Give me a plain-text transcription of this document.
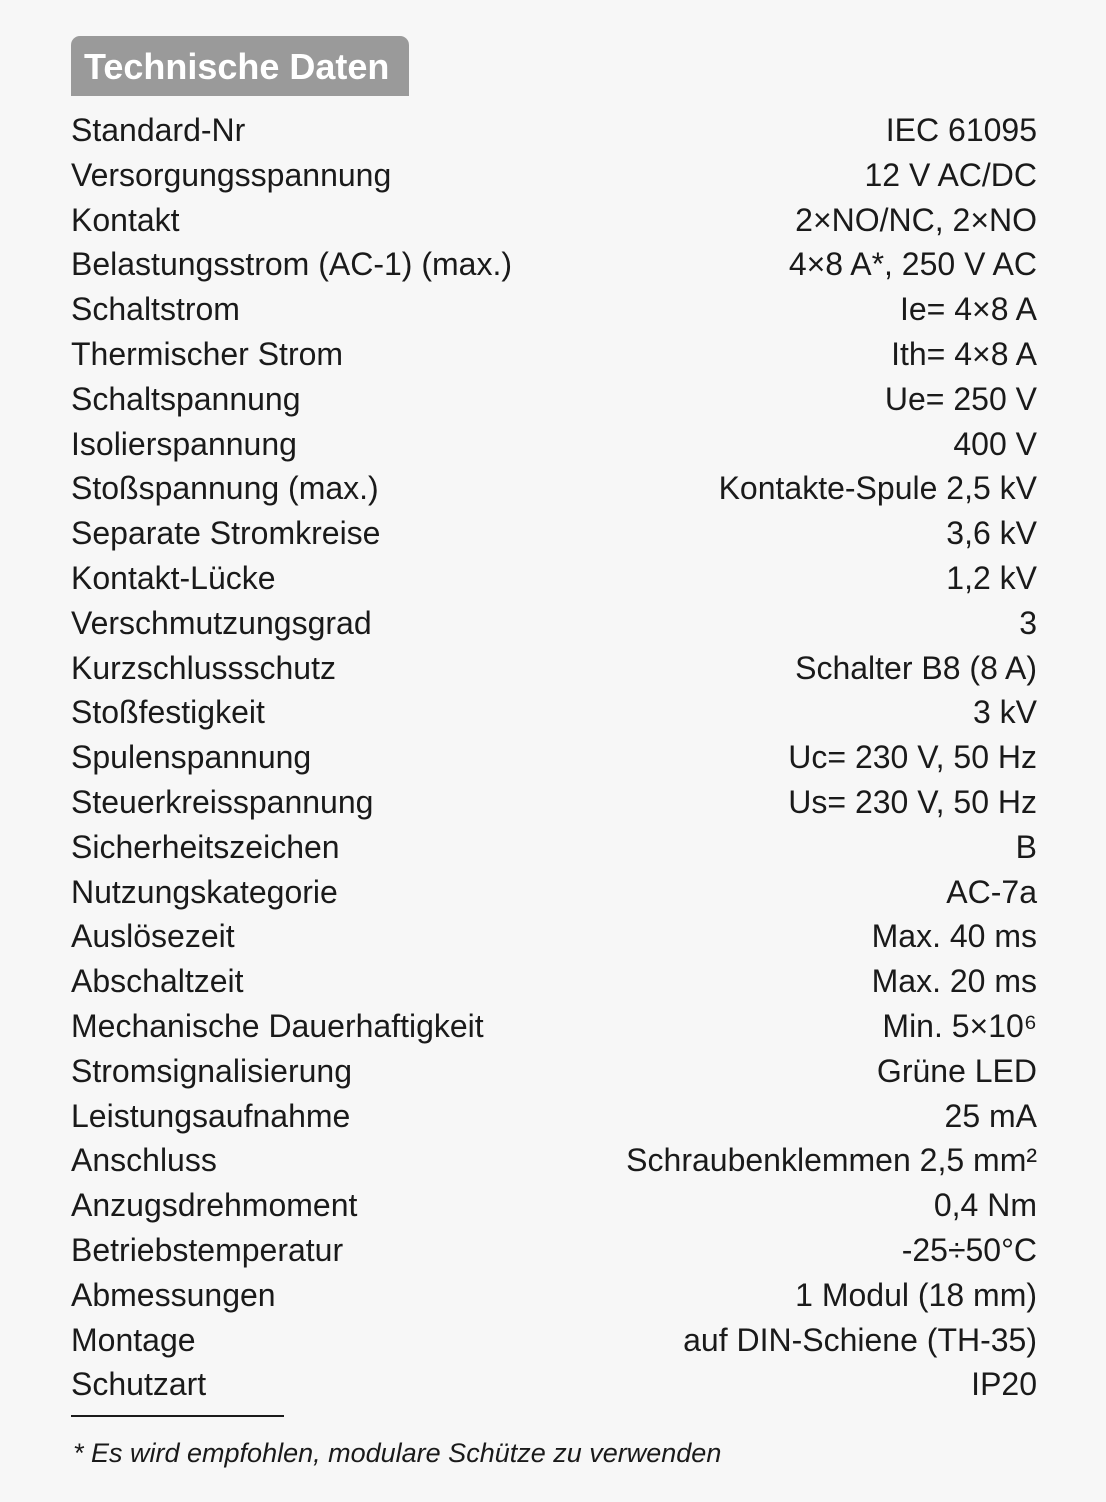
Technische Daten
Standard-Nr	IEC 61095
Versorgungsspannung	12 V AC/DC
Kontakt	2×NO/NC, 2×NO
Belastungsstrom (AC-1) (max.)	4×8 A*, 250 V AC
Schaltstrom	Ie= 4×8 A
Thermischer Strom	Ith= 4×8 A
Schaltspannung	Ue= 250 V
Isolierspannung	400 V
Stoßspannung (max.)	Kontakte-Spule 2,5 kV
Separate Stromkreise	3,6 kV
Kontakt-Lücke	1,2 kV
Verschmutzungsgrad	3
Kurzschlussschutz	Schalter B8 (8 A)
Stoßfestigkeit	3 kV
Spulenspannung	Uc= 230 V, 50 Hz
Steuerkreisspannung	Us= 230 V, 50 Hz
Sicherheitszeichen	B
Nutzungskategorie	AC-7a
Auslösezeit	Max. 40 ms
Abschaltzeit	Max. 20 ms
Mechanische Dauerhaftigkeit	Min. 5×10⁶
Stromsignalisierung	Grüne LED
Leistungsaufnahme	25 mA
Anschluss	Schraubenklemmen 2,5 mm²
Anzugsdrehmoment	0,4 Nm
Betriebstemperatur	-25÷50°C
Abmessungen	1 Modul (18 mm)
Montage	auf DIN-Schiene (TH-35)
Schutzart	IP20
* Es wird empfohlen, modulare Schütze zu verwenden
